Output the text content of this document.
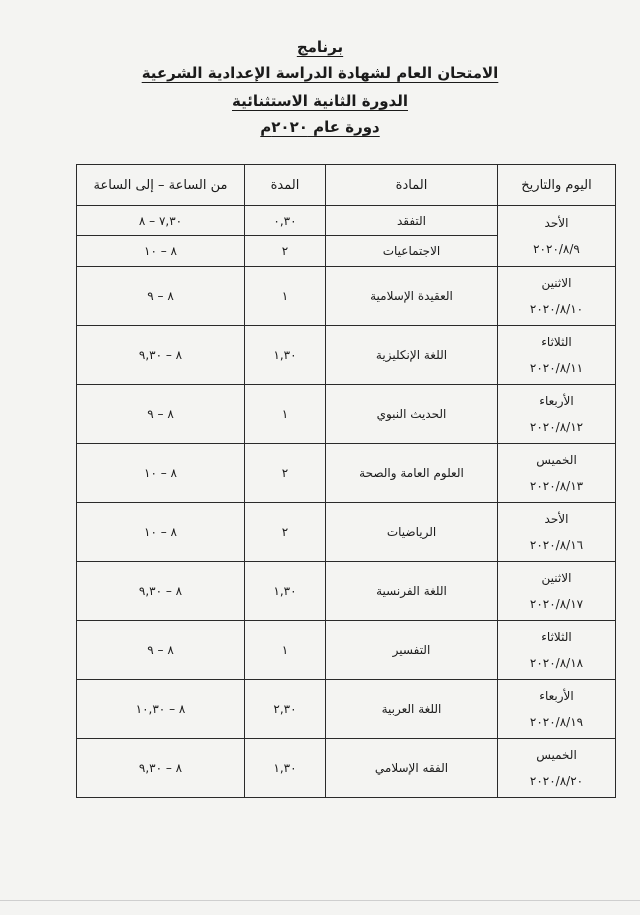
برنامج
الامتحان العام لشهادة الدراسة الإعدادية الشرعية
الدورة الثانية الاستثنائية
دورة عام ٢٠٢٠م
اليوم والتاريخ	المادة	المدة	من الساعة – إلى الساعة

الأحد
٢٠٢٠/٨/٩	التفقد	٠,٣٠	٧,٣٠ – ٨
	الاجتماعيات	٢	٨ – ١٠

الاثنين
٢٠٢٠/٨/١٠	العقيدة الإسلامية	١	٨ – ٩

الثلاثاء
٢٠٢٠/٨/١١	اللغة الإنكليزية	١,٣٠	٨ – ٩,٣٠

الأربعاء
٢٠٢٠/٨/١٢	الحديث النبوي	١	٨ – ٩

الخميس
٢٠٢٠/٨/١٣	العلوم العامة والصحة	٢	٨ – ١٠

الأحد
٢٠٢٠/٨/١٦	الرياضيات	٢	٨ – ١٠

الاثنين
٢٠٢٠/٨/١٧	اللغة الفرنسية	١,٣٠	٨ – ٩,٣٠

الثلاثاء
٢٠٢٠/٨/١٨	التفسير	١	٨ – ٩

الأربعاء
٢٠٢٠/٨/١٩	اللغة العربية	٢,٣٠	٨ – ١٠,٣٠

الخميس
٢٠٢٠/٨/٢٠	الفقه الإسلامي	١,٣٠	٨ – ٩,٣٠
